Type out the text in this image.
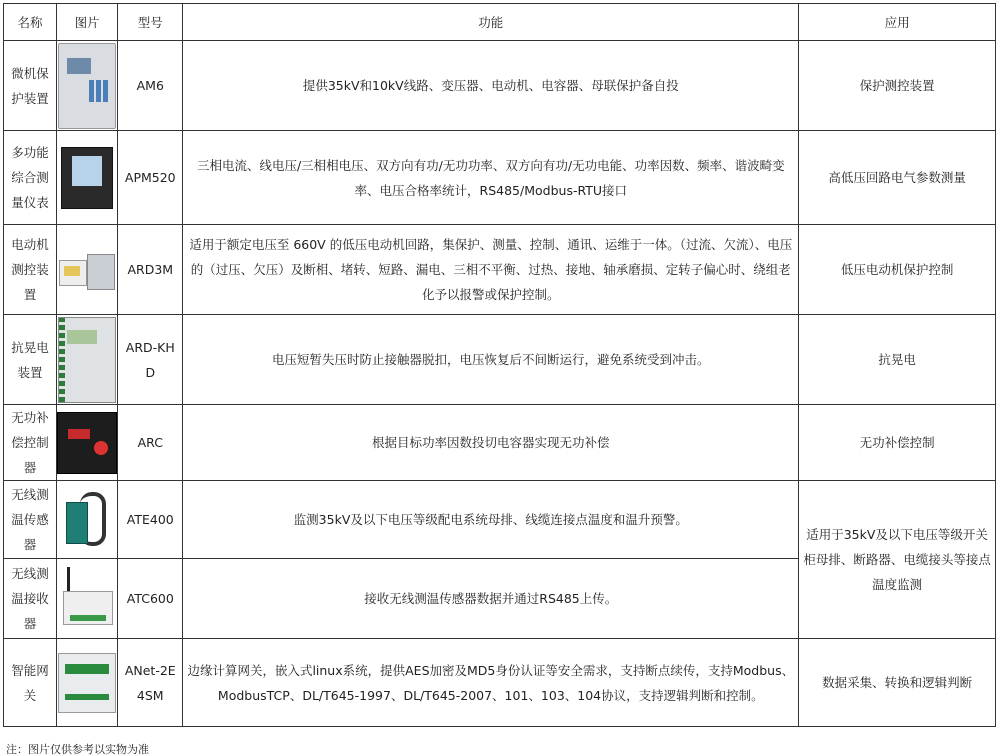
名称	图片	型号	功能	应用
微机保护装置		AM6	提供35kV和10kV线路、变压器、电动机、电容器、母联保护备自投	保护测控装置
多功能综合测量仪表		APM520	三相电流、线电压/三相相电压、双方向有功/无功功率、双方向有功/无功电能、功率因数、频率、谐波畸变率、电压合格率统计，RS485/Modbus-RTU接口	高低压回路电气参数测量
电动机测控装置		ARD3M	适用于额定电压至 660V 的低压电动机回路，集保护、测量、控制、通讯、运维于一体。（过流、欠流）、电压的（过压、欠压）及断相、堵转、短路、漏电、三相不平衡、过热、接地、轴承磨损、定转子偏心时、绕组老化予以报警或保护控制。	低压电动机保护控制
抗晃电装置		ARD-KHD	电压短暂失压时防止接触器脱扣，电压恢复后不间断运行，避免系统受到冲击。	抗晃电
无功补偿控制器		ARC	根据目标功率因数投切电容器实现无功补偿	无功补偿控制
无线测温传感器		ATE400	监测35kV及以下电压等级配电系统母排、线缆连接点温度和温升预警。	适用于35kV及以下电压等级开关柜母排、断路器、电缆接头等接点温度监测
无线测温接收器		ATC600	接收无线测温传感器数据并通过RS485上传。	
智能网关		ANet-2E4SM	边缘计算网关，嵌入式linux系统，提供AES加密及MD5身份认证等安全需求，支持断点续传，支持Modbus、ModbusTCP、DL/T645-1997、DL/T645-2007、101、103、104协议，支持逻辑判断和控制。	数据采集、转换和逻辑判断
注：图片仅供参考以实物为准
